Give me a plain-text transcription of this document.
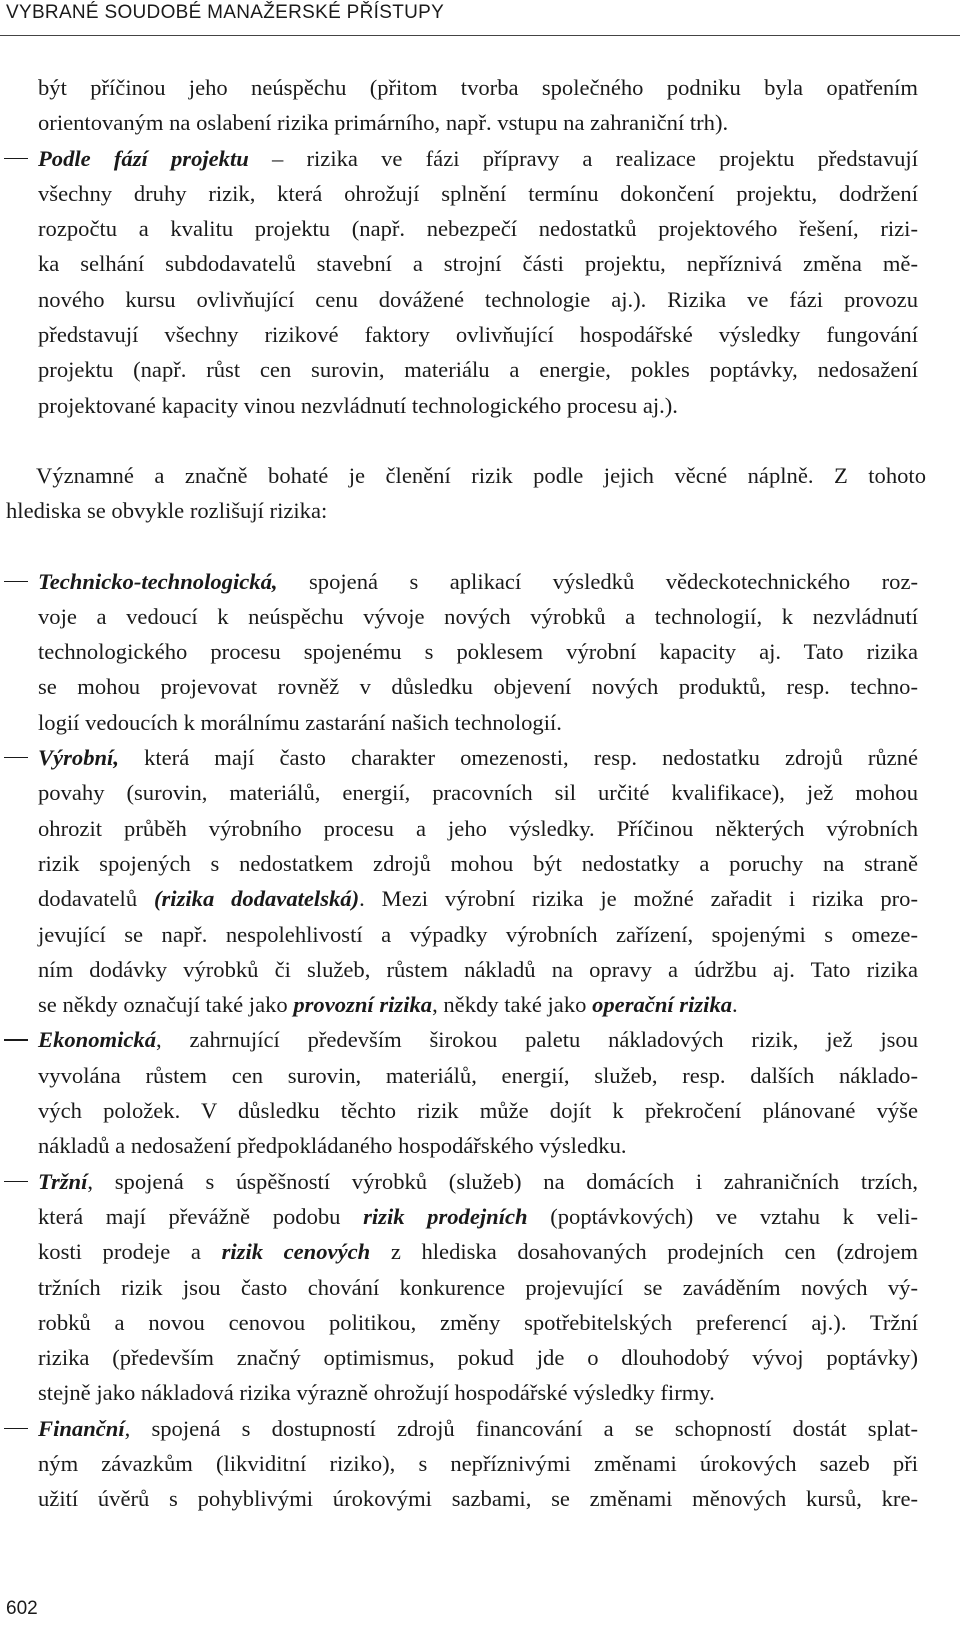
VYBRANÉ SOUDOBÉ MANAŽERSKÉ PŘÍSTUPY
být příčinou jeho neúspěchu (přitom tvorba společného podniku byla opatřením
orientovaným na oslabení rizika primárního, např. vstupu na zahraniční trh).
Podle fází projektu – rizika ve fázi přípravy a realizace projektu představují
všechny druhy rizik, která ohrožují splnění termínu dokončení projektu, dodržení
rozpočtu a kvalitu projektu (např. nebezpečí nedostatků projektového řešení, rizi-
ka selhání subdodavatelů stavební a strojní části projektu, nepříznivá změna mě-
nového kursu ovlivňující cenu dovážené technologie aj.). Rizika ve fázi provozu
představují všechny rizikové faktory ovlivňující hospodářské výsledky fungování
projektu (např. růst cen surovin, materiálu a energie, pokles poptávky, nedosažení
projektované kapacity vinou nezvládnutí technologického procesu aj.).
Významné a značně bohaté je členění rizik podle jejich věcné náplně. Z tohoto
hlediska se obvykle rozlišují rizika:
Technicko-technologická, spojená s aplikací výsledků vědeckotechnického roz-
voje a vedoucí k neúspěchu vývoje nových výrobků a technologií, k nezvládnutí
technologického procesu spojenému s poklesem výrobní kapacity aj. Tato rizika
se mohou projevovat rovněž v důsledku objevení nových produktů, resp. techno-
logií vedoucích k morálnímu zastarání našich technologií.
Výrobní, která mají často charakter omezenosti, resp. nedostatku zdrojů různé
povahy (surovin, materiálů, energií, pracovních sil určité kvalifikace), jež mohou
ohrozit průběh výrobního procesu a jeho výsledky. Příčinou některých výrobních
rizik spojených s nedostatkem zdrojů mohou být nedostatky a poruchy na straně
dodavatelů (rizika dodavatelská). Mezi výrobní rizika je možné zařadit i rizika pro-
jevující se např. nespolehlivostí a výpadky výrobních zařízení, spojenými s omeze-
ním dodávky výrobků či služeb, růstem nákladů na opravy a údržbu aj. Tato rizika
se někdy označují také jako provozní rizika, někdy také jako operační rizika.
Ekonomická, zahrnující především širokou paletu nákladových rizik, jež jsou
vyvolána růstem cen surovin, materiálů, energií, služeb, resp. dalších náklado-
vých položek. V důsledku těchto rizik může dojít k překročení plánované výše
nákladů a nedosažení předpokládaného hospodářského výsledku.
Tržní, spojená s úspěšností výrobků (služeb) na domácích i zahraničních trzích,
která mají převážně podobu rizik prodejních (poptávkových) ve vztahu k veli-
kosti prodeje a rizik cenových z hlediska dosahovaných prodejních cen (zdrojem
tržních rizik jsou často chování konkurence projevující se zaváděním nových vý-
robků a novou cenovou politikou, změny spotřebitelských preferencí aj.). Tržní
rizika (především značný optimismus, pokud jde o dlouhodobý vývoj poptávky)
stejně jako nákladová rizika výrazně ohrožují hospodářské výsledky firmy.
Finanční, spojená s dostupností zdrojů financování a se schopností dostát splat-
ným závazkům (likviditní riziko), s nepříznivými změnami úrokových sazeb při
užití úvěrů s pohyblivými úrokovými sazbami, se změnami měnových kursů, kre-
602
